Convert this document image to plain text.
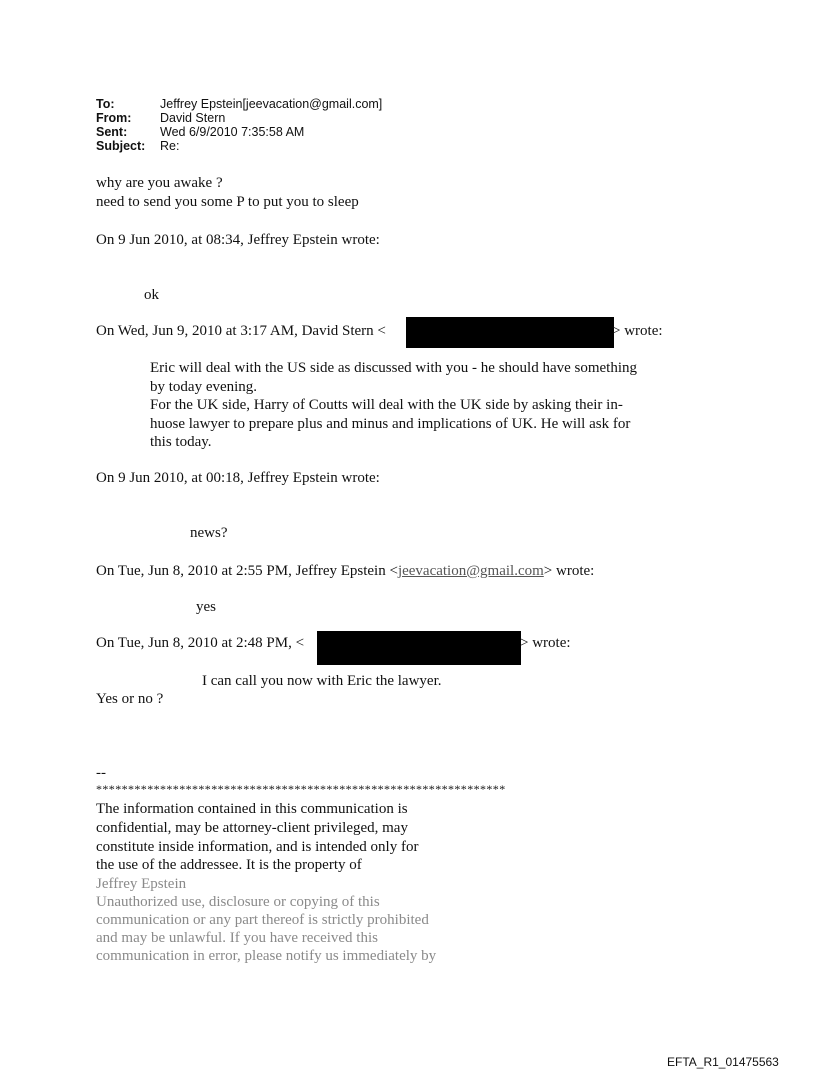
To:	Jeffrey Epstein[jeevacation@gmail.com]
From: David Stern
Sent:	Wed 6/9/2010 7:35:58 AM
Subject: Re:
why are you awake ?
need to send you some P to put you to sleep
On 9 Jun 2010, at 08:34, Jeffrey Epstein wrote:
ok
On Wed, Jun 9, 2010 at 3:17 AM, David Stern <	> wrote:
Eric will deal with the US side as discussed with you - he should have something
by today evening.
For the UK side, Harry of Coutts will deal with the UK side by asking their in-
huose lawyer to prepare plus and minus and implications of UK. He will ask for
this today.
On 9 Jun 2010, at 00:18, Jeffrey Epstein wrote:
news?
On Tue, Jun 8, 2010 at 2:55 PM, Jeffrey Epstein <jeevacation@gmail.com> wrote:
yes
On Tue, Jun 8, 2010 at 2:48 PM, <	> wrote:
I can call you now with Eric the lawyer.
Yes or no ?
--
****************************************************************
The information contained in this communication is
confidential, may be attorney-client privileged, may
constitute inside information, and is intended only for
the use of the addressee. It is the property of
Jeffrey Epstein
Unauthorized use, disclosure or copying of this
communication or any part thereof is strictly prohibited
and may be unlawful. If you have received this
communication in error, please notify us immediately by
EFTA_R1_01475563
